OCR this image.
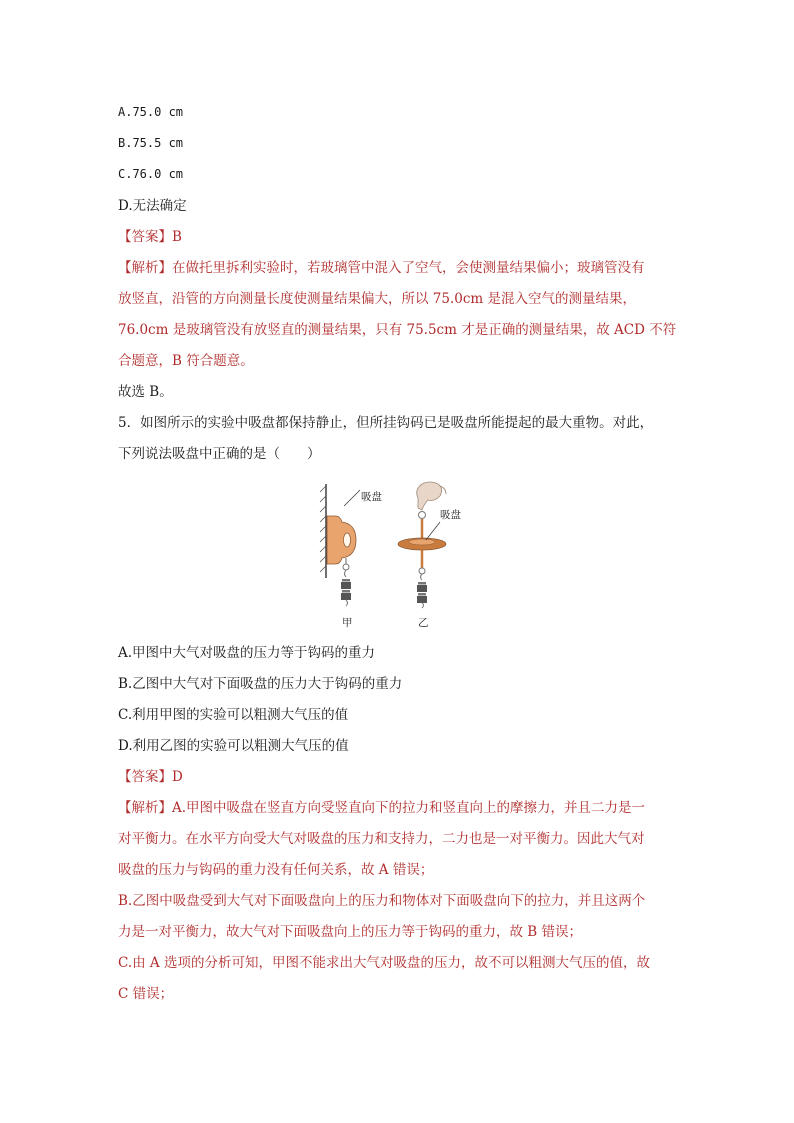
A.75.0 cm
B.75.5 cm
C.76.0 cm
D.无法确定
【答案】B
【解析】在做托里拆利实验时，若玻璃管中混入了空气，会使测量结果偏小；玻璃管没有
放竖直，沿管的方向测量长度使测量结果偏大，所以 75.0cm 是混入空气的测量结果，
76.0cm 是玻璃管没有放竖直的测量结果，只有 75.5cm 才是正确的测量结果，故 ACD 不符
合题意，B 符合题意。
故选 B。
5．如图所示的实验中吸盘都保持静止，但所挂钩码已是吸盘所能提起的最大重物。对此，
下列说法吸盘中正确的是（　　）
吸盘
甲
吸盘
乙
A.甲图中大气对吸盘的压力等于钩码的重力
B.乙图中大气对下面吸盘的压力大于钩码的重力
C.利用甲图的实验可以粗测大气压的值
D.利用乙图的实验可以粗测大气压的值
【答案】D
【解析】A.甲图中吸盘在竖直方向受竖直向下的拉力和竖直向上的摩擦力，并且二力是一
对平衡力。在水平方向受大气对吸盘的压力和支持力，二力也是一对平衡力。因此大气对
吸盘的压力与钩码的重力没有任何关系，故 A 错误；
B.乙图中吸盘受到大气对下面吸盘向上的压力和物体对下面吸盘向下的拉力，并且这两个
力是一对平衡力，故大气对下面吸盘向上的压力等于钩码的重力，故 B 错误；
C.由 A 选项的分析可知，甲图不能求出大气对吸盘的压力，故不可以粗测大气压的值，故
C 错误；
